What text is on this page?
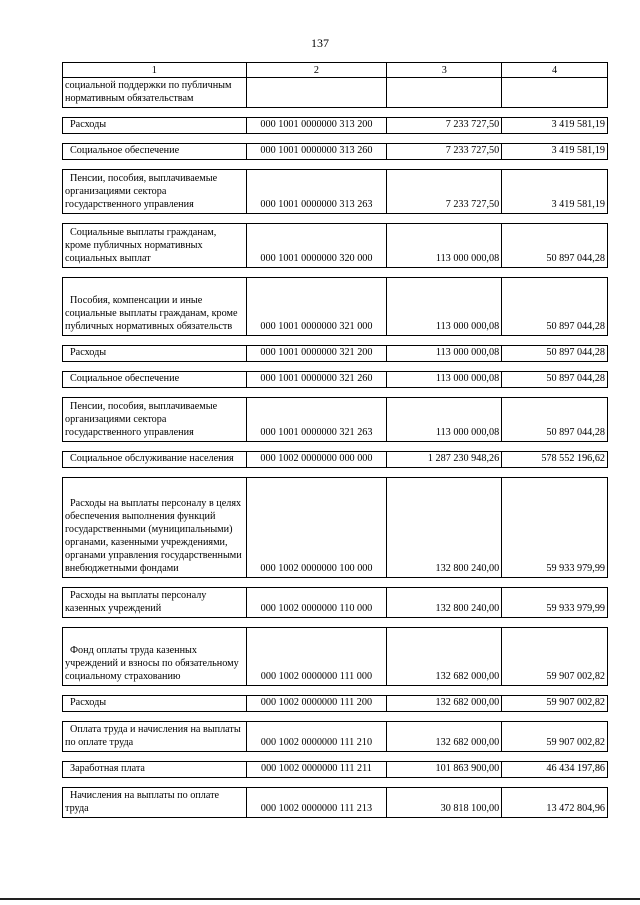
137
1	2	3	4

социальной поддержки по публичным нормативным обязательствам			

Расходы	000 1001 0000000 313 200	7 233 727,50	3 419 581,19

Социальное обеспечение	000 1001 0000000 313 260	7 233 727,50	3 419 581,19

Пенсии, пособия, выплачиваемые организациями сектора государственного управления	000 1001 0000000 313 263	7 233 727,50	3 419 581,19

Социальные выплаты гражданам, кроме публичных нормативных социальных выплат	000 1001 0000000 320 000	113 000 000,08	50 897 044,28

Пособия, компенсации и иные социальные выплаты гражданам, кроме публичных нормативных обязательств	000 1001 0000000 321 000	113 000 000,08	50 897 044,28

Расходы	000 1001 0000000 321 200	113 000 000,08	50 897 044,28

Социальное обеспечение	000 1001 0000000 321 260	113 000 000,08	50 897 044,28

Пенсии, пособия, выплачиваемые организациями сектора государственного управления	000 1001 0000000 321 263	113 000 000,08	50 897 044,28

Социальное обслуживание населения	000 1002 0000000 000 000	1 287 230 948,26	578 552 196,62

Расходы на выплаты персоналу в целях обеспечения выполнения функций государственными (муниципальными) органами, казенными учреждениями, органами управления государственными внебюджетными фондами	000 1002 0000000 100 000	132 800 240,00	59 933 979,99

Расходы на выплаты персоналу казенных учреждений	000 1002 0000000 110 000	132 800 240,00	59 933 979,99

Фонд оплаты труда казенных учреждений и взносы по обязательному социальному страхованию	000 1002 0000000 111 000	132 682 000,00	59 907 002,82

Расходы	000 1002 0000000 111 200	132 682 000,00	59 907 002,82

Оплата труда и начисления на выплаты по оплате труда	000 1002 0000000 111 210	132 682 000,00	59 907 002,82

Заработная плата	000 1002 0000000 111 211	101 863 900,00	46 434 197,86

Начисления на выплаты по оплате труда	000 1002 0000000 111 213	30 818 100,00	13 472 804,96
